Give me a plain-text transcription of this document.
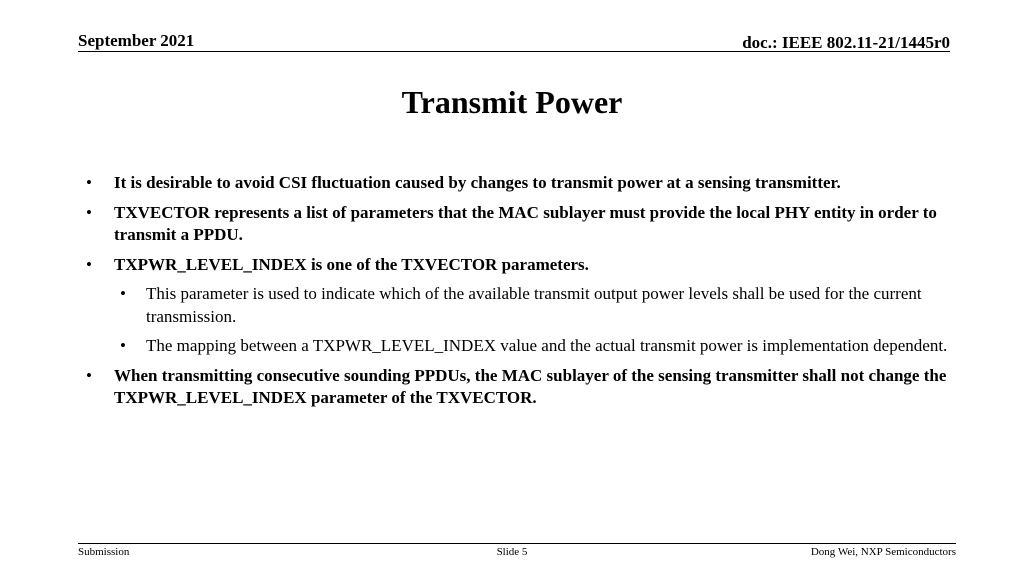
September 2021	doc.: IEEE 802.11-21/1445r0
Transmit Power
• It is desirable to avoid CSI fluctuation caused by changes to transmit power at a sensing transmitter.
• TXVECTOR represents a list of parameters that the MAC sublayer must provide the local PHY entity in order to transmit a PPDU.
• TXPWR_LEVEL_INDEX is one of the TXVECTOR parameters.
• This parameter is used to indicate which of the available transmit output power levels shall be used for the current transmission.
• The mapping between a TXPWR_LEVEL_INDEX value and the actual transmit power is implementation dependent.
• When transmitting consecutive sounding PPDUs, the MAC sublayer of the sensing transmitter shall not change the TXPWR_LEVEL_INDEX parameter of the TXVECTOR.
Submission	Slide 5	Dong Wei, NXP Semiconductors
